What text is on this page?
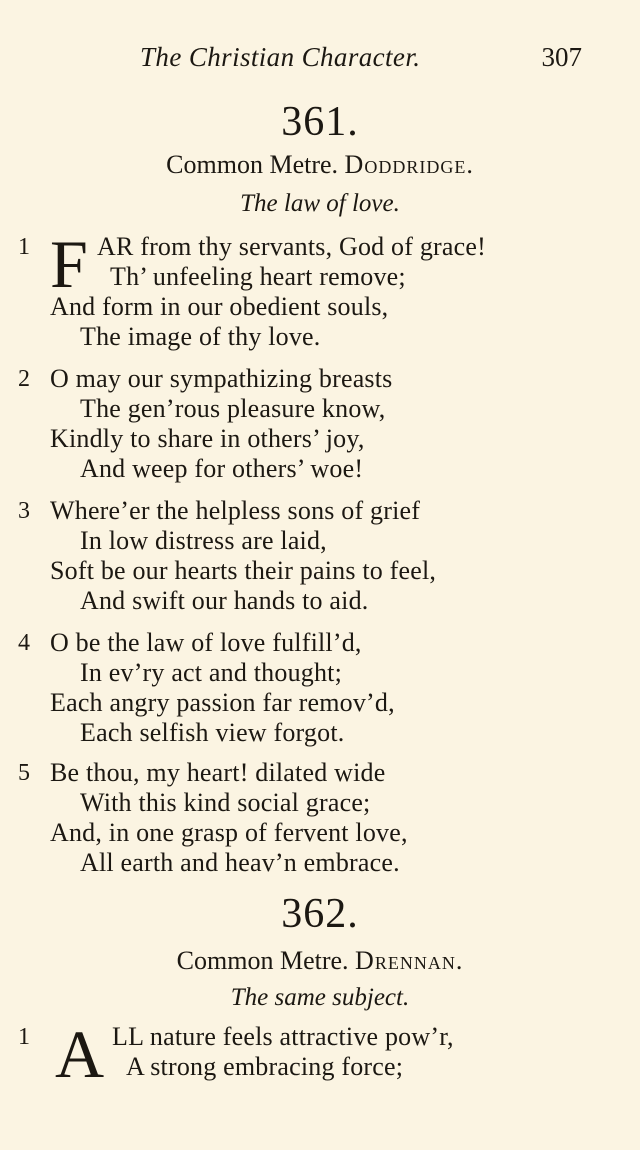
The Christian Character.	307
361.
Common Metre. Doddridge.
The law of love.
1 F AR from thy servants, God of grace!
Th’ unfeeling heart remove;
And form in our obedient souls,
The image of thy love.
2 O may our sympathizing breasts
The gen’rous pleasure know,
Kindly to share in others’ joy,
And weep for others’ woe!
3 Where’er the helpless sons of grief
In low distress are laid,
Soft be our hearts their pains to feel,
And swift our hands to aid.
4 O be the law of love fulfill’d,
In ev’ry act and thought;
Each angry passion far remov’d,
Each selfish view forgot.
5 Be thou, my heart! dilated wide
With this kind social grace;
And, in one grasp of fervent love,
All earth and heav’n embrace.
362.
Common Metre. Drennan.
The same subject.
1 A LL nature feels attractive pow’r,
A strong embracing force;
